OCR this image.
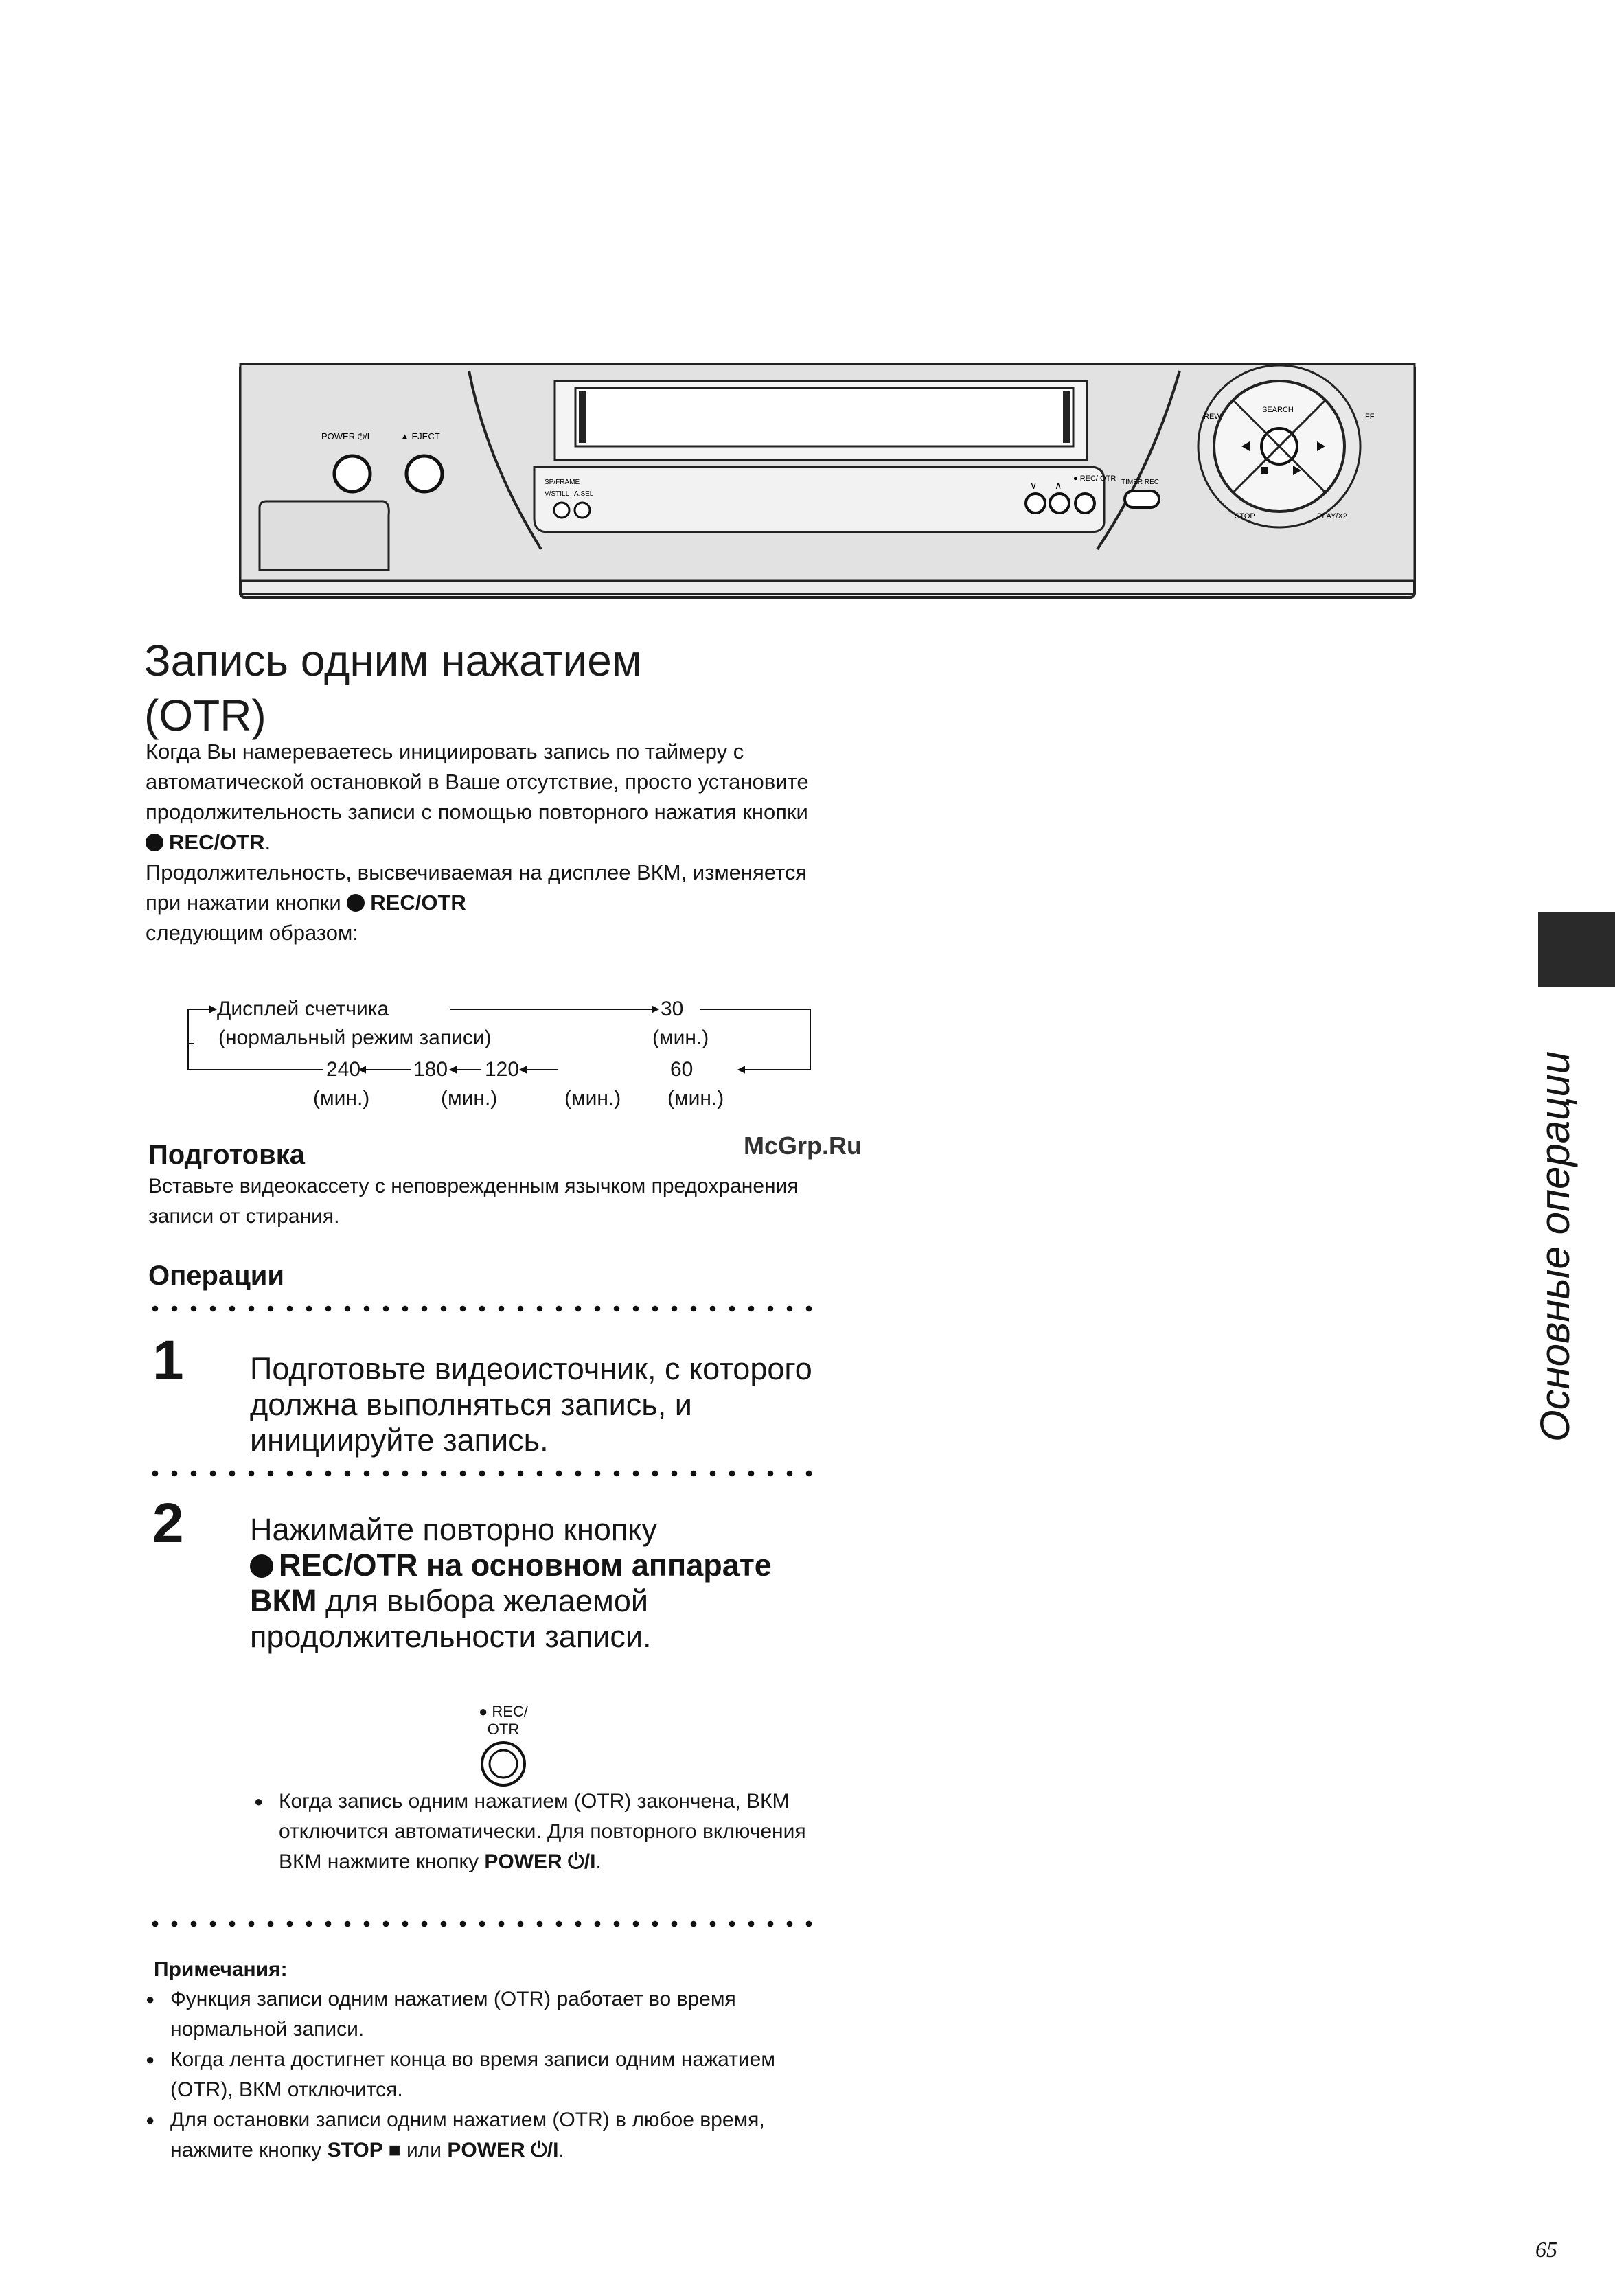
POWER ⏻/I	▲ EJECT
SP/FRAME
V/STILL A.SEL
∨ ∧
● REC/ OTR TIMER REC
SEARCH
REW	FF
STOP	PLAY/X2
Запись одним нажатием
(OTR)

Когда Вы намереваетесь инициировать запись по таймеру с автоматической остановкой в Ваше отсутствие, просто установите продолжительность записи с помощью повторного нажатия кнопки
REC/OTR.

Продолжительность, высвечиваемая на дисплее ВКМ, изменяется при нажатии кнопки REC/OTR
следующим образом:

Дисплей счетчика
(нормальный режим записи)
30
(мин.)
240	180 120	60
(мин.)	(мин.)	(мин.) (мин.)
Подготовка
Вставьте видеокассету с неповрежденным язычком предохранения записи от стирания.
McGrp.Ru
Операции
1 Подготовьте видеоисточник, с которого должна выполняться запись, и инициируйте запись.
2 Нажимайте повторно кнопку
REC/OTR на основном аппарате ВКМ для выбора желаемой продолжительности записи.
● REC/
OTR
● Когда запись одним нажатием (OTR) закончена, ВКМ отключится автоматически. Для повторного включения ВКМ нажмите кнопку POWER ⏻/I.
Примечания:
● Функция записи одним нажатием (OTR) работает во время нормальной записи.
● Когда лента достигнет конца во время записи одним нажатием (OTR), ВКМ отключится.
● Для остановки записи одним нажатием (OTR) в любое время, нажмите кнопку STOP ■ или POWER ⏻/I.
Основные операции
65
